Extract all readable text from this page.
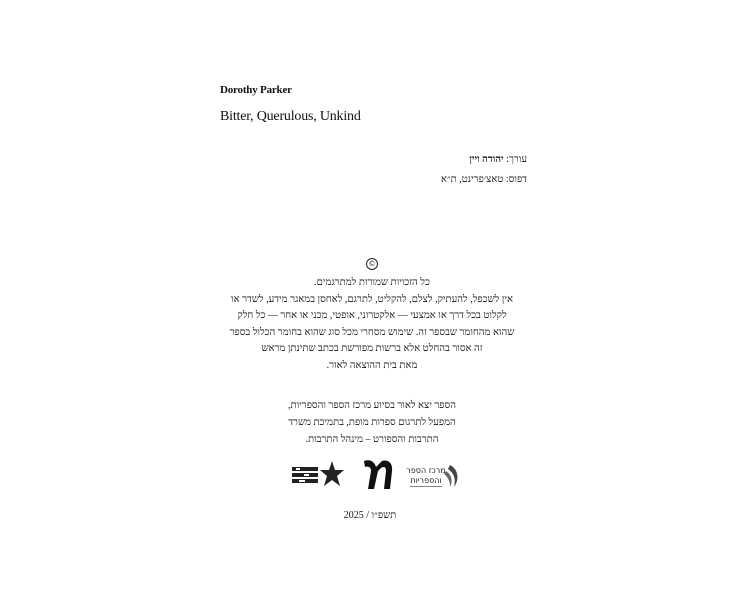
Dorothy Parker
Bitter, Querulous, Unkind
עורך: יהודה ויין
דפוס: טאצ׳פרינט, ת״א
©

כל הזכויות שמורות למתרגמים.

אין לשכפל, להעתיק, לצלם, להקליט, לתרגם, לאחסן במאגר מידע, לשדר או

לקלוט בכל דרך או אמצעי — אלקטרוני, אופטי, מכני או אחר — כל חלק

שהוא מהחומר שבספר זה. שימוש מסחרי מכל סוג שהוא בחומר הכלול בספר

זה אסור בהחלט אלא ברשות מפורשת בכתב שתינתן מראש

מאת בית ההוצאה לאור.

הספר יצא לאור בסיוע מרכז הספר והספריות,

המפעל לתרגום ספרות מופת, בתמיכת משרד

התרבות והספורט – מינהל התרבות.

מרכז הספר
והספריות
תשפ״ו / 2025
